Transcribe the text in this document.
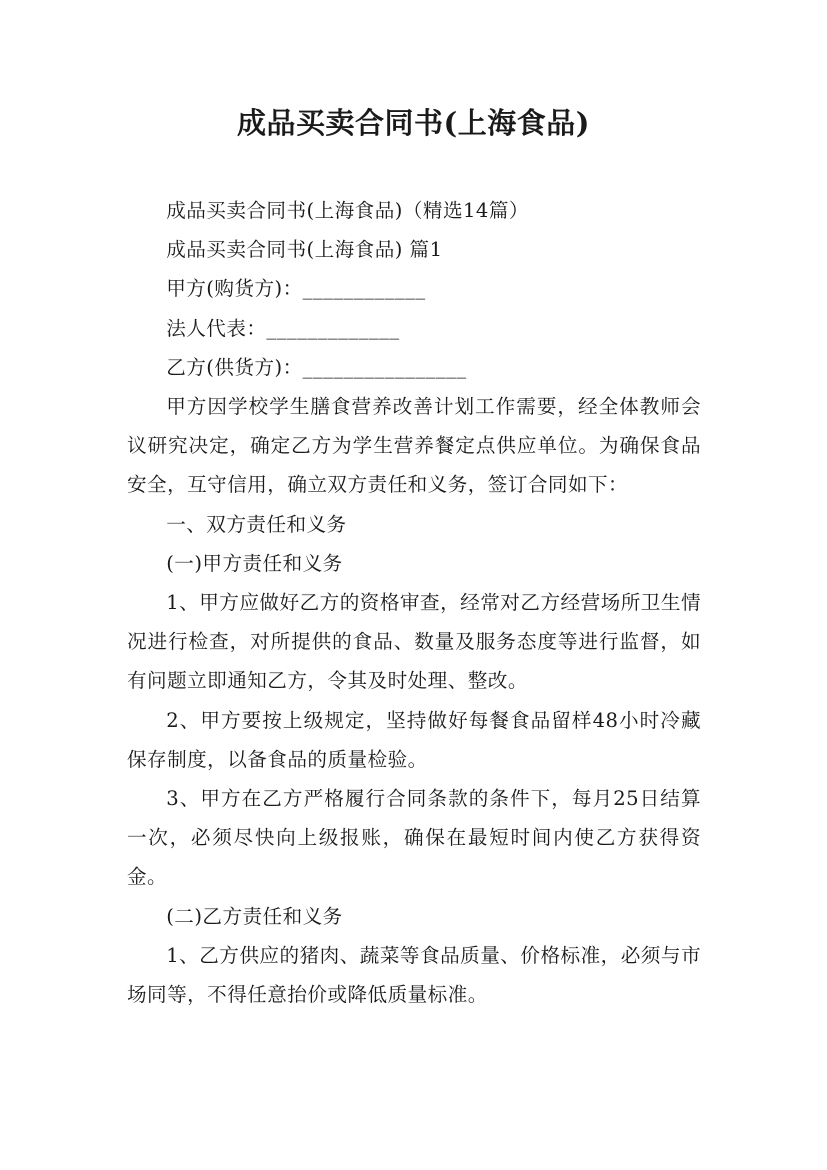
成品买卖合同书(上海食品)

成品买卖合同书(上海食品)（精选14篇）

成品买卖合同书(上海食品) 篇1

甲方(购货方)：____________

法人代表：_____________

乙方(供货方)：________________

甲方因学校学生膳食营养改善计划工作需要，经全体教师会议研究决定，确定乙方为学生营养餐定点供应单位。为确保食品安全，互守信用，确立双方责任和义务，签订合同如下：

一、双方责任和义务

(一)甲方责任和义务

1、甲方应做好乙方的资格审查，经常对乙方经营场所卫生情况进行检查，对所提供的食品、数量及服务态度等进行监督，如有问题立即通知乙方，令其及时处理、整改。

2、甲方要按上级规定，坚持做好每餐食品留样48小时冷藏保存制度，以备食品的质量检验。

3、甲方在乙方严格履行合同条款的条件下，每月25日结算一次，必须尽快向上级报账，确保在最短时间内使乙方获得资金。

(二)乙方责任和义务

1、乙方供应的猪肉、蔬菜等食品质量、价格标准，必须与市场同等，不得任意抬价或降低质量标准。
